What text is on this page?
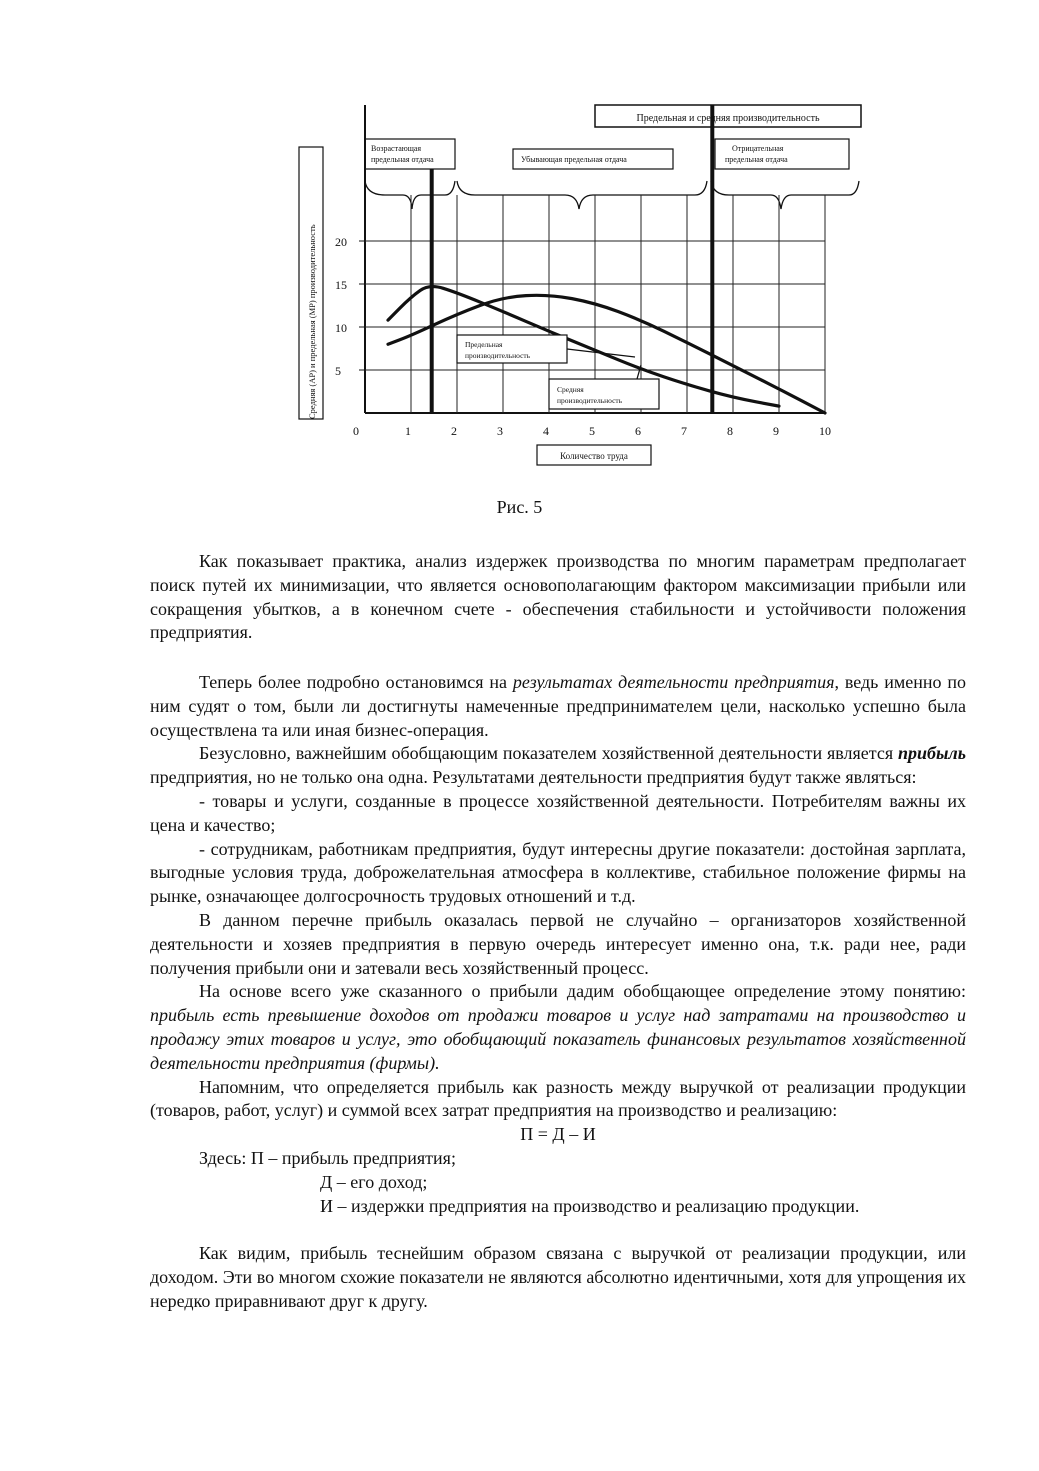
Предельная и средняя производительность
Возрастающая
предельная отдача	Убывающая предельная отдача
Отрицательная
предельная отдача
Средняя (AP) и предельная (MP) производительность
Количество труда
20
15
10
5
0	1	2	3	4	5	6	7	8	9	10
Предельная
производительность
Средняя
производительность
Рис. 5

Как показывает практика, анализ издержек производства по многим параметрам предполагает поиск путей их минимизации, что является основополагающим фактором максимизации прибыли или сокращения убытков, а в конечном счете - обеспечения стабильности и устойчивости положения предприятия.

Теперь более подробно остановимся на результатах деятельности предприятия, ведь именно по ним судят о том, были ли достигнуты намеченные предпринимателем цели, насколько успешно была осуществлена та или иная бизнес-операция.

Безусловно, важнейшим обобщающим показателем хозяйственной деятельности является прибыль предприятия, но не только она одна. Результатами деятельности предприятия будут также являться:

- товары и услуги, созданные в процессе хозяйственной деятельности. Потребителям важны их цена и качество;

- сотрудникам, работникам предприятия, будут интересны другие показатели: достойная зарплата, выгодные условия труда, доброжелательная атмосфера в коллективе, стабильное положение фирмы на рынке, означающее долгосрочность трудовых отношений и т.д.

В данном перечне прибыль оказалась первой не случайно – организаторов хозяйственной деятельности и хозяев предприятия в первую очередь интересует именно она, т.к. ради нее, ради получения прибыли они и затевали весь хозяйственный процесс.

На основе всего уже сказанного о прибыли дадим обобщающее определение этому понятию: прибыль есть превышение доходов от продажи товаров и услуг над затратами на производство и продажу этих товаров и услуг, это обобщающий показатель финансовых результатов хозяйственной деятельности предприятия (фирмы).

Напомним, что определяется прибыль как разность между выручкой от реализации продукции (товаров, работ, услуг) и суммой всех затрат предприятия на производство и реализацию:

П = Д – И

Здесь: П – прибыль предприятия;

Д – его доход;

И – издержки предприятия на производство и реализацию продукции.

Как видим, прибыль теснейшим образом связана с выручкой от реализации продукции, или доходом. Эти во многом схожие показатели не являются абсолютно идентичными, хотя для упрощения их нередко приравнивают друг к другу.
